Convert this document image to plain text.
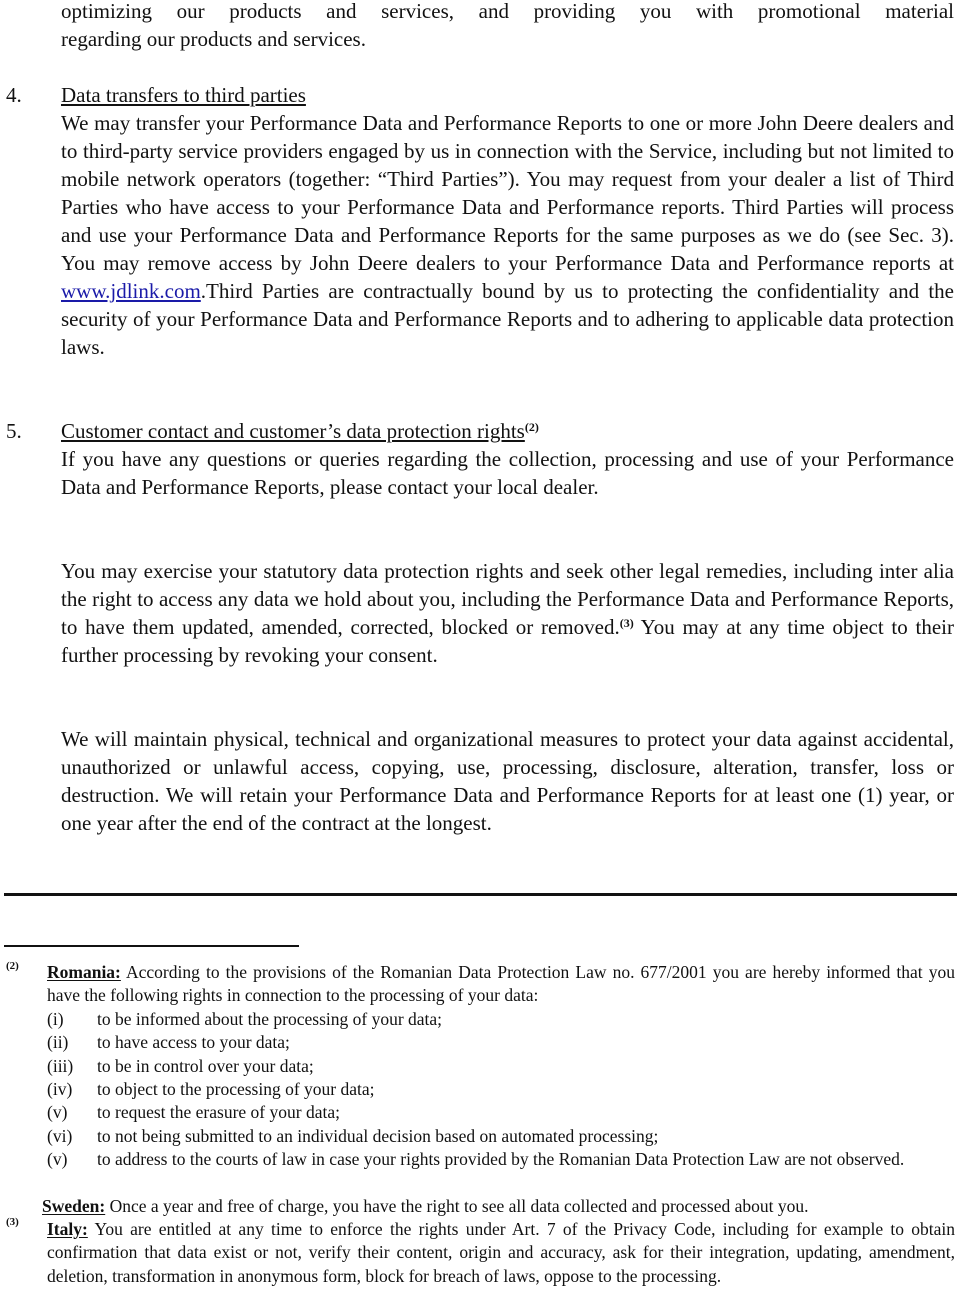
optimizing our products and services, and providing you with promotional material
regarding our products and services.
4. Data transfers to third parties
We may transfer your Performance Data and Performance Reports to one or more John Deere dealers and to third-party service providers engaged by us in connection with the Service, including but not limited to mobile network operators (together: “Third Parties”). You may request from your dealer a list of Third Parties who have access to your Performance Data and Performance reports. Third Parties will process and use your Performance Data and Performance Reports for the same purposes as we do (see Sec. 3). You may remove access by John Deere dealers to your Performance Data and Performance reports at www.jdlink.com.Third Parties are contractually bound by us to protecting the confidentiality and the security of your Performance Data and Performance Reports and to adhering to applicable data protection laws.
5. Customer contact and customer’s data protection rights$^{(2)}$
If you have any questions or queries regarding the collection, processing and use of your Performance Data and Performance Reports, please contact your local dealer.
You may exercise your statutory data protection rights and seek other legal remedies, including inter alia the right to access any data we hold about you, including the Performance Data and Performance Reports, to have them updated, amended, corrected, blocked or removed.$^{(3)}$ You may at any time object to their further processing by revoking your consent.
We will maintain physical, technical and organizational measures to protect your data against accidental, unauthorized or unlawful access, copying, use, processing, disclosure, alteration, transfer, loss or destruction. We will retain your Performance Data and Performance Reports for at least one (1) year, or one year after the end of the contract at the longest.
(2) Romania: According to the provisions of the Romanian Data Protection Law no. 677/2001 you are hereby informed that you have the following rights in connection to the processing of your data:
(i) to be informed about the processing of your data;
(ii) to have access to your data;
(iii) to be in control over your data;
(iv) to object to the processing of your data;
(v) to request the erasure of your data;
(vi) to not being submitted to an individual decision based on automated processing;
(v) to address to the courts of law in case your rights provided by the Romanian Data Protection Law are not observed.
Sweden: Once a year and free of charge, you have the right to see all data collected and processed about you.
(3) Italy: You are entitled at any time to enforce the rights under Art. 7 of the Privacy Code, including for example to obtain confirmation that data exist or not, verify their content, origin and accuracy, ask for their integration, updating, amendment, deletion, transformation in anonymous form, block for breach of laws, oppose to the processing.
